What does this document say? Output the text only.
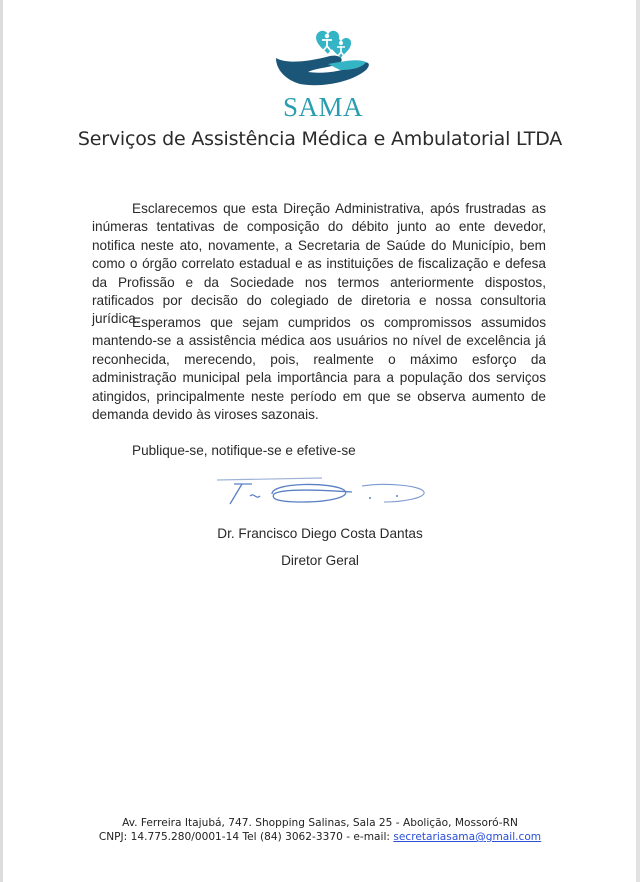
SAMA
Serviços de Assistência Médica e Ambulatorial LTDA

Esclarecemos que esta Direção Administrativa, após frustradas as inúmeras tentativas de composição do débito junto ao ente devedor, notifica neste ato, novamente, a Secretaria de Saúde do Município, bem como o órgão correlato estadual e as instituições de fiscalização e defesa da Profissão e da Sociedade nos termos anteriormente dispostos, ratificados por decisão do colegiado de diretoria e nossa consultoria jurídica.

Esperamos que sejam cumpridos os compromissos assumidos mantendo-se a assistência médica aos usuários no nível de excelência já reconhecida, merecendo, pois, realmente o máximo esforço da administração municipal pela importância para a população dos serviços atingidos, principalmente neste período em que se observa aumento de demanda devido às viroses sazonais.

Publique-se, notifique-se e efetive-se
Dr. Francisco Diego Costa Dantas
Diretor Geral
Av. Ferreira Itajubá, 747. Shopping Salinas, Sala 25 - Abolição, Mossoró-RN
CNPJ: 14.775.280/0001-14 Tel (84) 3062-3370 - e-mail: secretariasama@gmail.com
